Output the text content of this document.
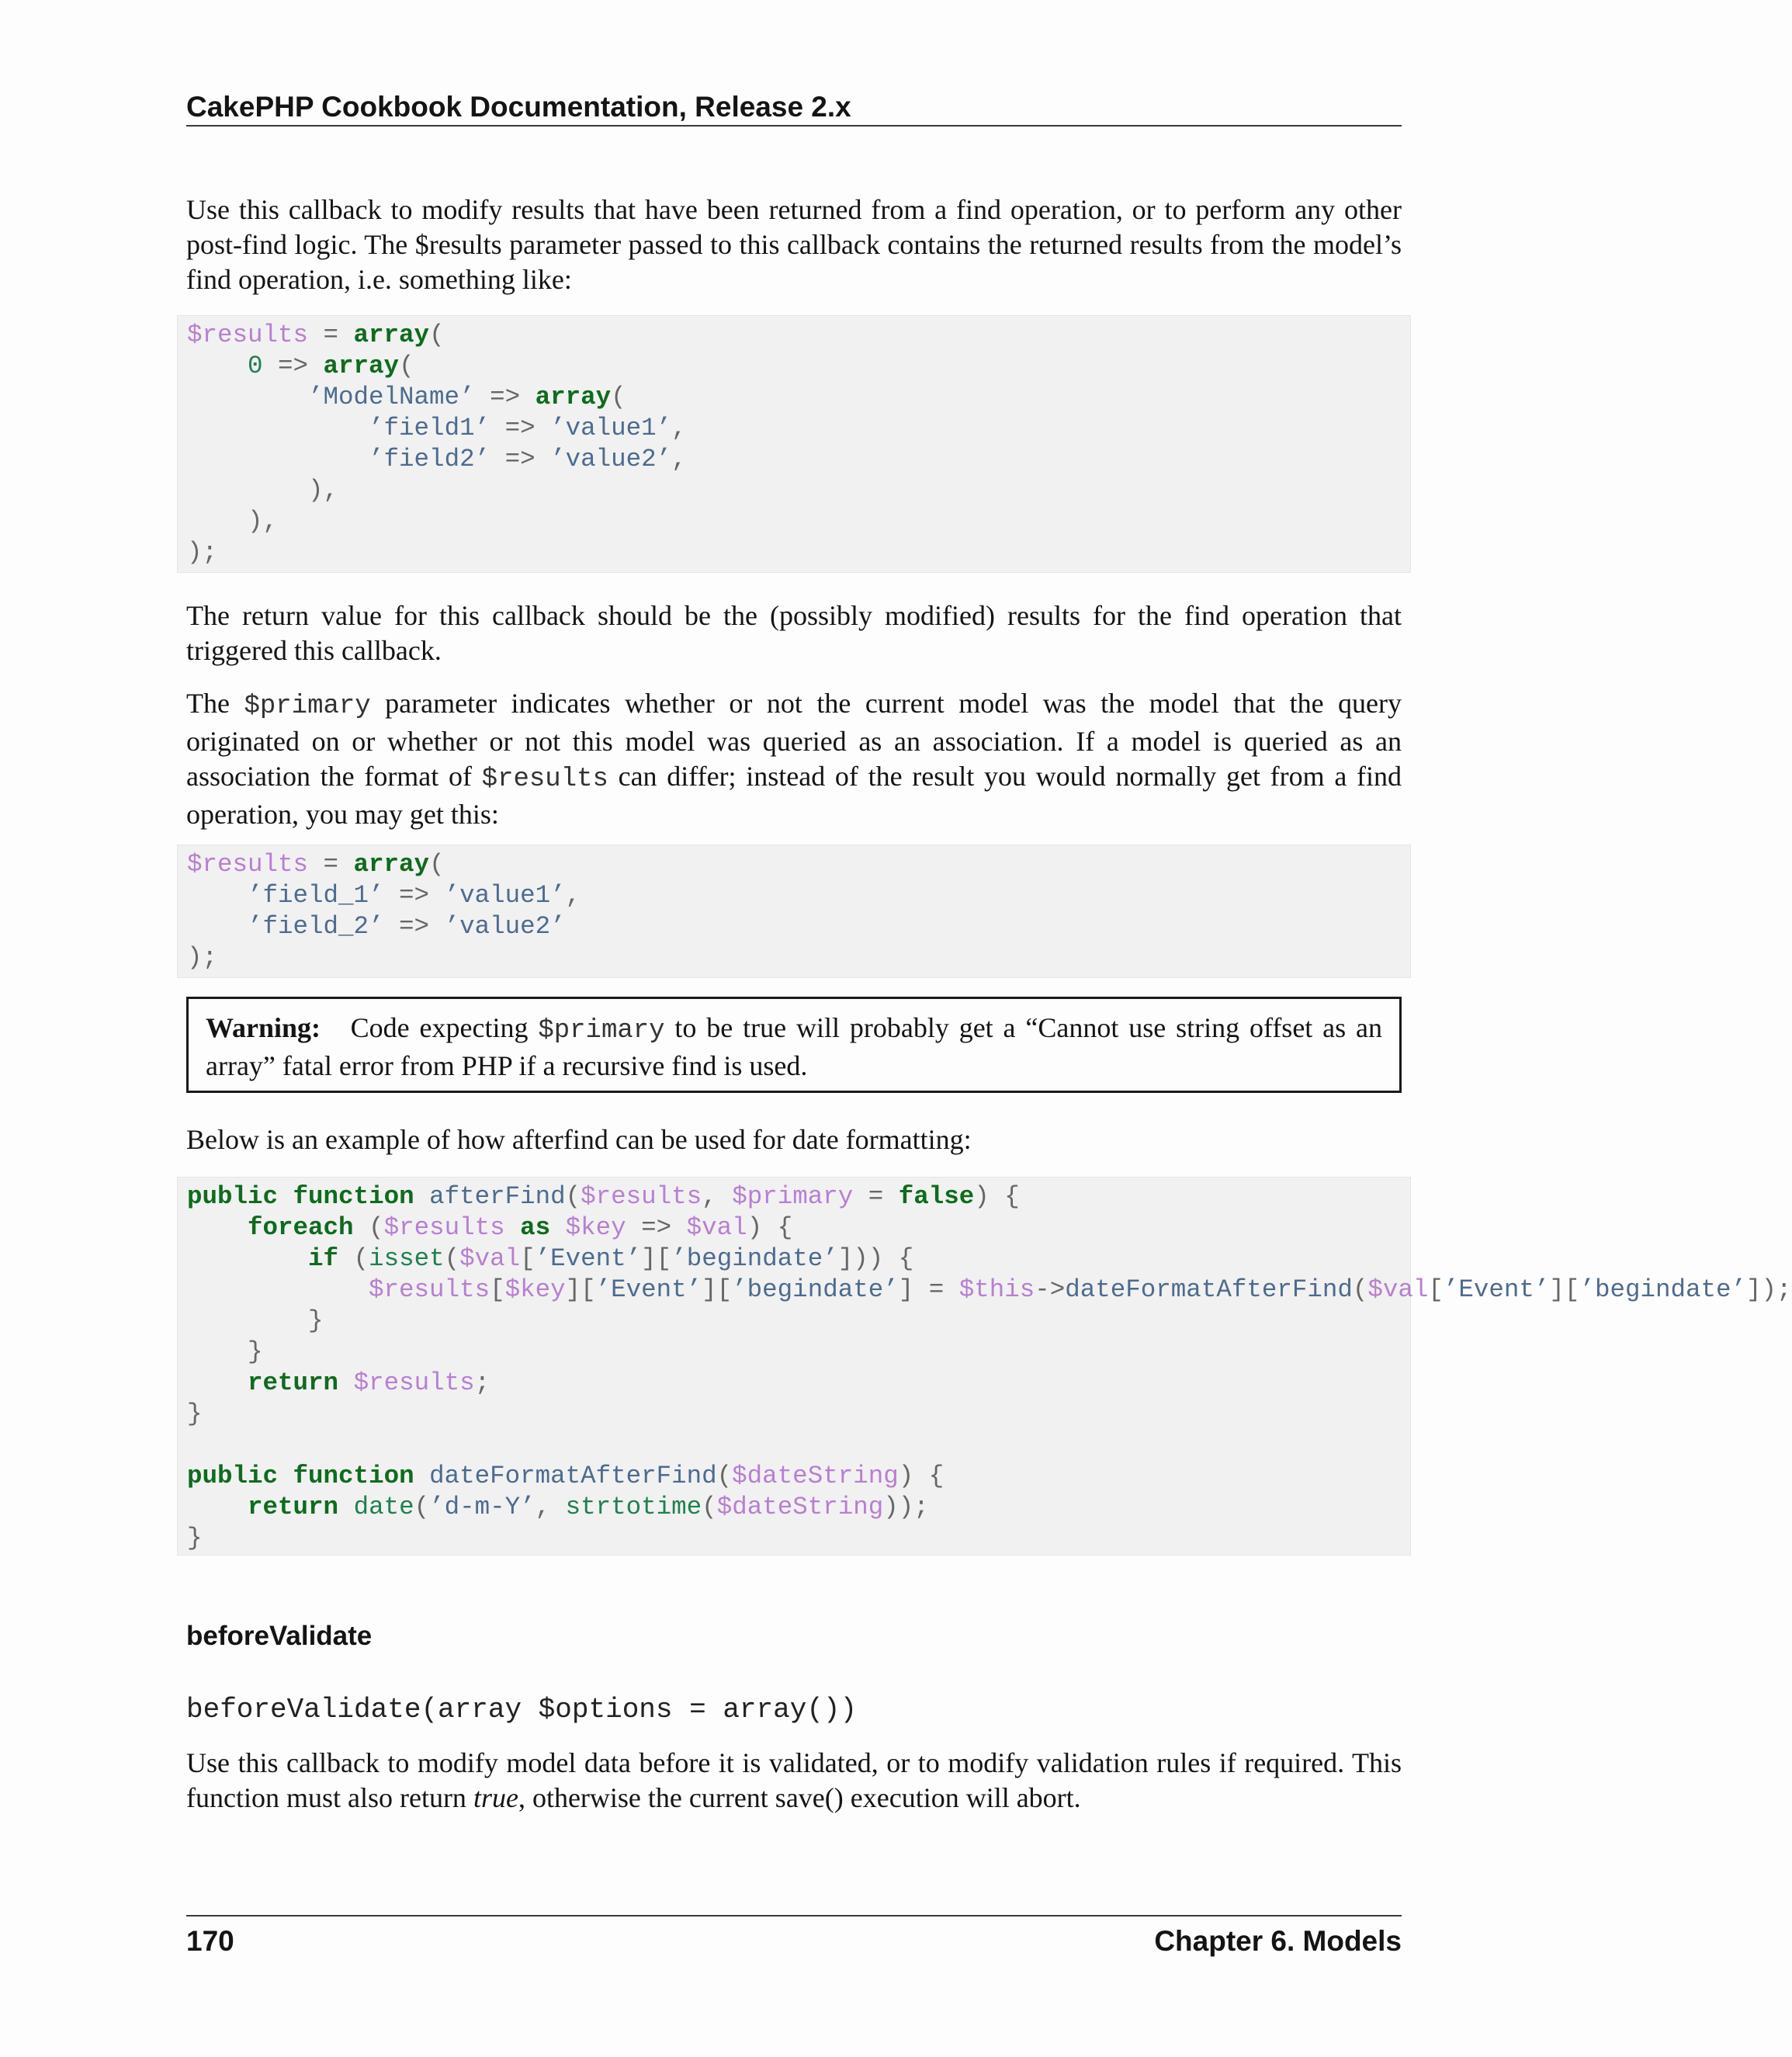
CakePHP Cookbook Documentation, Release 2.x

Use this callback to modify results that have been returned from a find operation, or to perform any other post-find logic. The $results parameter passed to this callback contains the returned results from the model’s find operation, i.e. something like:

$results = array(
0 => array(
’ModelName’ => array(
’field1’ => ’value1’,
’field2’ => ’value2’,
),
),
);

The return value for this callback should be the (possibly modified) results for the find operation that triggered this callback.

The $primary parameter indicates whether or not the current model was the model that the query originated on or whether or not this model was queried as an association. If a model is queried as an association the format of $results can differ; instead of the result you would normally get from a find operation, you may get this:

$results = array(
’field_1’ => ’value1’,
’field_2’ => ’value2’
);
Warning: Code expecting $primary to be true will probably get a “Cannot use string offset as an array” fatal error from PHP if a recursive find is used.

Below is an example of how afterfind can be used for date formatting:

public function afterFind($results, $primary = false) {
foreach ($results as $key => $val) {
if (isset($val[’Event’][’begindate’])) {
$results[$key][’Event’][’begindate’] = $this->dateFormatAfterFind($val[’Event’][’begindate’]);
}
}
return $results;
}

public function dateFormatAfterFind($dateString) {
return date(’d-m-Y’, strtotime($dateString));
}
beforeValidate
beforeValidate(array $options = array())

Use this callback to modify model data before it is validated, or to modify validation rules if required. This function must also return true, otherwise the current save() execution will abort.

170	Chapter 6. Models
